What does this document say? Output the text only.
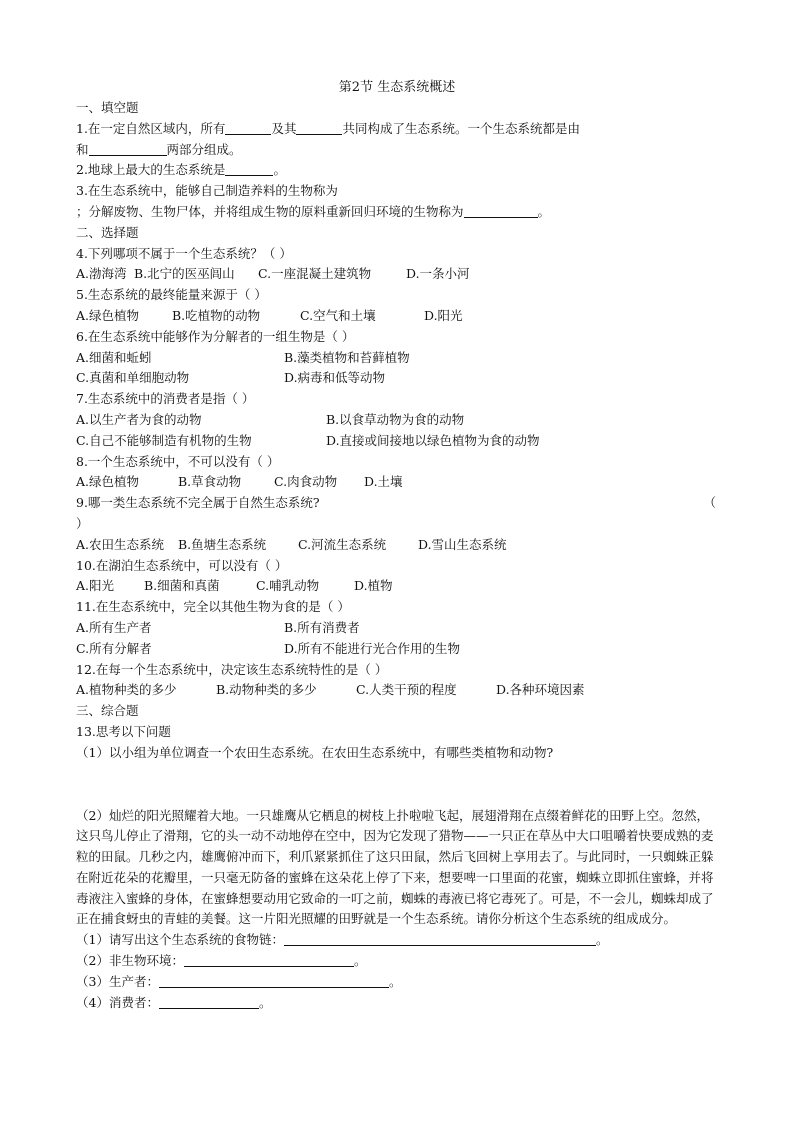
第2节 生态系统概述
一、填空题
1.在一定自然区域内，所有	及其	共同构成了生态系统。一个生态系统都是由
和	两部分组成。
2.地球上最大的生态系统是	。
3.在生态系统中，能够自己制造养料的生物称为
；分解废物、生物尸体，并将组成生物的原料重新回归环境的生物称为	。
二、选择题
4.下列哪项不属于一个生态系统？（ ）
A.渤海湾 B.北宁的医巫闾山	C.一座混凝土建筑物	D.一条小河
5.生态系统的最终能量来源于（ ）
A.绿色植物	B.吃植物的动物	C.空气和土壤	D.阳光
6.在生态系统中能够作为分解者的一组生物是（ ）
A.细菌和蚯蚓	B.藻类植物和苔藓植物
C.真菌和单细胞动物	D.病毒和低等动物
7.生态系统中的消费者是指（ ）
A.以生产者为食的动物	B.以食草动物为食的动物
C.自己不能够制造有机物的生物	D.直接或间接地以绿色植物为食的动物
8.一个生态系统中，不可以没有（ ）
A.绿色植物	B.草食动物	C.肉食动物	D.土壤
9.哪一类生态系统不完全属于自然生态系统?	（
）
A.农田生态系统	B.鱼塘生态系统	C.河流生态系统	D.雪山生态系统
10.在湖泊生态系统中，可以没有（ ）
A.阳光	B.细菌和真菌	C.哺乳动物	D.植物
11.在生态系统中，完全以其他生物为食的是（ ）
A.所有生产者	B.所有消费者
C.所有分解者	D.所有不能进行光合作用的生物
12.在每一个生态系统中，决定该生态系统特性的是（ ）
A.植物种类的多少	B.动物种类的多少	C.人类干预的程度	D.各种环境因素
三、综合题
13.思考以下问题
（1）以小组为单位调查一个农田生态系统。在农田生态系统中，有哪些类植物和动物?
（2）灿烂的阳光照耀着大地。一只雄鹰从它栖息的树枝上扑啦啦飞起，展翅滑翔在点缀着鲜花的田野上空。忽然，这只鸟儿停止了滑翔，它的头一动不动地停在空中，因为它发现了猎物——一只正在草丛中大口咀嚼着快要成熟的麦粒的田鼠。几秒之内，雄鹰俯冲而下，利爪紧紧抓住了这只田鼠，然后飞回树上享用去了。与此同时，一只蜘蛛正躲在附近花朵的花瓣里，一只毫无防备的蜜蜂在这朵花上停了下来，想要啤一口里面的花蜜，蜘蛛立即抓住蜜蜂，并将毒液注入蜜蜂的身体，在蜜蜂想要动用它致命的一叮之前，蜘蛛的毒液已将它毒死了。可是，不一会儿，蜘蛛却成了正在捕食蚜虫的青蛙的美餐。这一片阳光照耀的田野就是一个生态系统。请你分析这个生态系统的组成成分。
（1）请写出这个生态系统的食物链：	。
（2）非生物环境：	。
（3）生产者：	。
（4）消费者：	。
